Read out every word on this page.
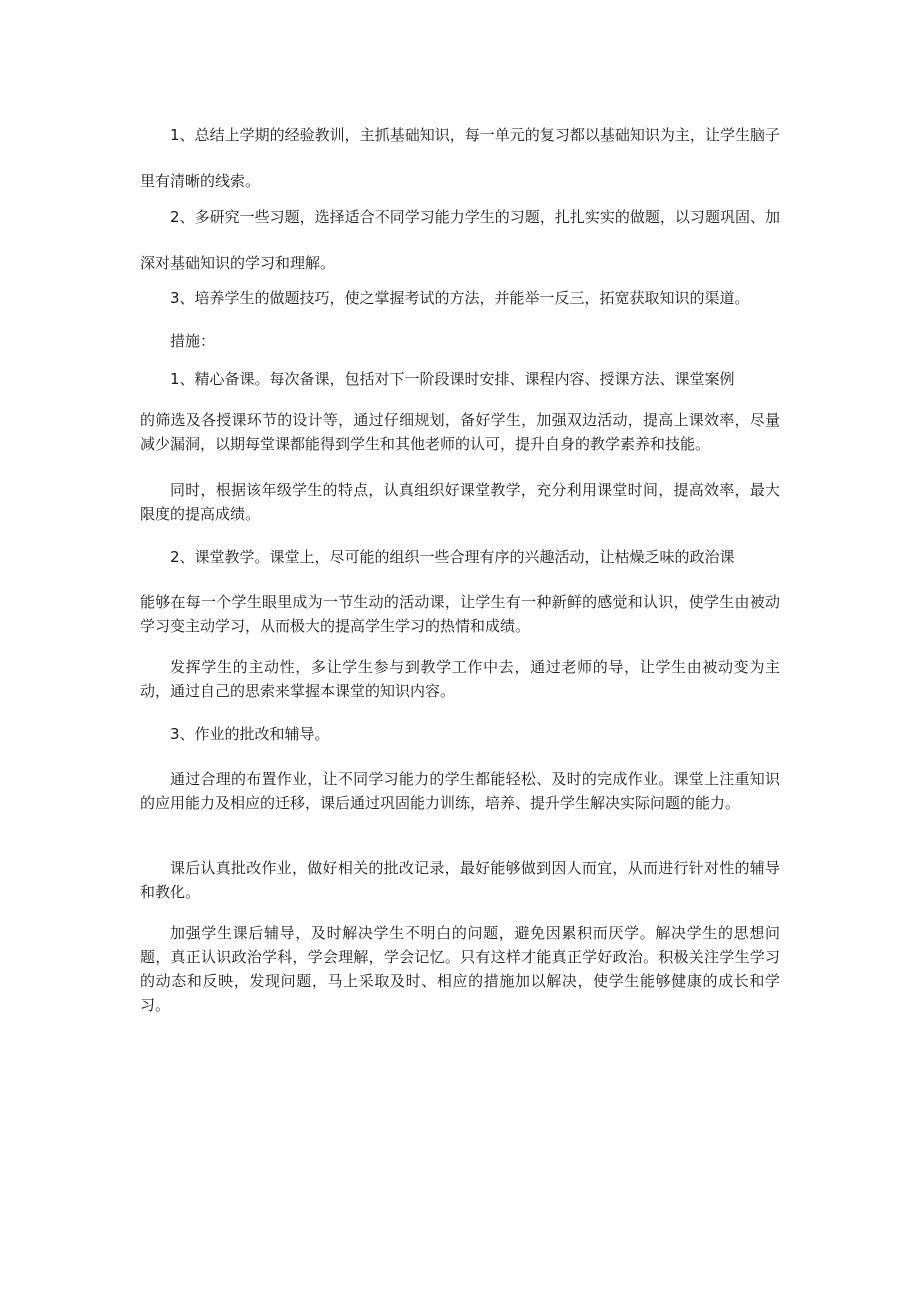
1、总结上学期的经验教训，主抓基础知识，每一单元的复习都以基础知识为主，让学生脑子里有清晰的线索。

2、多研究一些习题，选择适合不同学习能力学生的习题，扎扎实实的做题，以习题巩固、加深对基础知识的学习和理解。

3、培养学生的做题技巧，使之掌握考试的方法，并能举一反三，拓宽获取知识的渠道。

措施：

1、精心备课。每次备课，包括对下一阶段课时安排、课程内容、授课方法、课堂案例

的筛选及各授课环节的设计等，通过仔细规划，备好学生，加强双边活动，提高上课效率，尽量减少漏洞，以期每堂课都能得到学生和其他老师的认可，提升自身的教学素养和技能。

同时，根据该年级学生的特点，认真组织好课堂教学，充分利用课堂时间，提高效率，最大限度的提高成绩。

2、课堂教学。课堂上，尽可能的组织一些合理有序的兴趣活动，让枯燥乏味的政治课

能够在每一个学生眼里成为一节生动的活动课，让学生有一种新鲜的感觉和认识，使学生由被动学习变主动学习，从而极大的提高学生学习的热情和成绩。

发挥学生的主动性，多让学生参与到教学工作中去，通过老师的导，让学生由被动变为主动，通过自己的思索来掌握本课堂的知识内容。

3、作业的批改和辅导。

通过合理的布置作业，让不同学习能力的学生都能轻松、及时的完成作业。课堂上注重知识的应用能力及相应的迁移，课后通过巩固能力训练，培养、提升学生解决实际问题的能力。

课后认真批改作业，做好相关的批改记录，最好能够做到因人而宜，从而进行针对性的辅导和教化。

加强学生课后辅导，及时解决学生不明白的问题，避免因累积而厌学。解决学生的思想问题，真正认识政治学科，学会理解，学会记忆。只有这样才能真正学好政治。积极关注学生学习的动态和反映，发现问题，马上采取及时、相应的措施加以解决，使学生能够健康的成长和学习。
